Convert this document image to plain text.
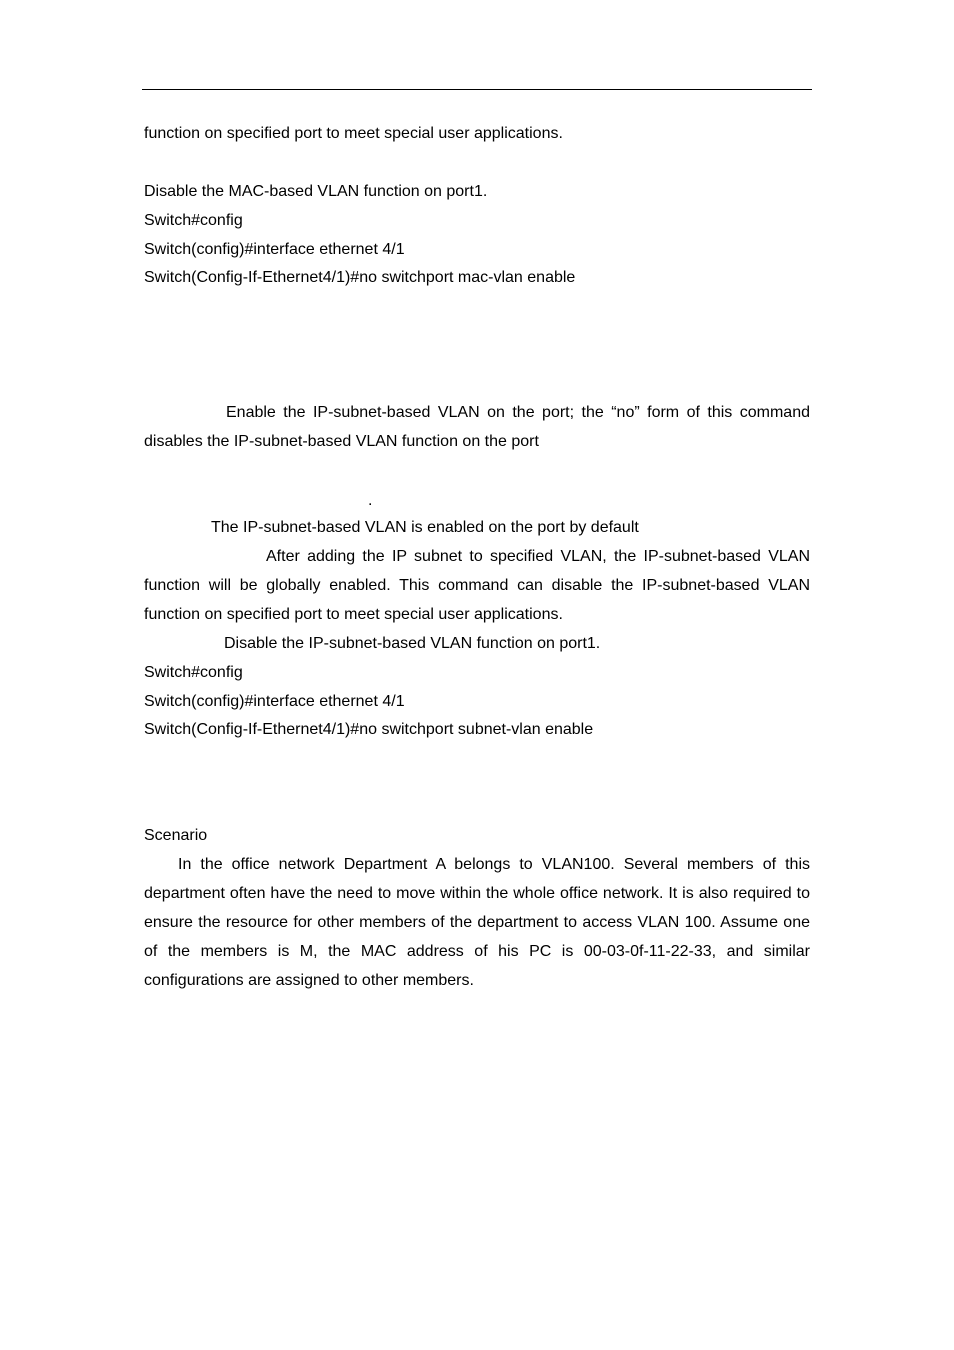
function on specified port to meet special user applications.
Disable the MAC-based VLAN function on port1.
Switch#config
Switch(config)#interface ethernet 4/1
Switch(Config-If-Ethernet4/1)#no switchport mac-vlan enable

Enable the IP-subnet-based VLAN on the port; the “no” form of this command disables the IP-subnet-based VLAN function on the port

.
The IP-subnet-based VLAN is enabled on the port by default

After adding the IP subnet to specified VLAN, the IP-subnet-based VLAN function will be globally enabled. This command can disable the IP-subnet-based VLAN function on specified port to meet special user applications.

Disable the IP-subnet-based VLAN function on port1.
Switch#config
Switch(config)#interface ethernet 4/1
Switch(Config-If-Ethernet4/1)#no switchport subnet-vlan enable
Scenario

In the office network Department A belongs to VLAN100. Several members of this department often have the need to move within the whole office network. It is also required to ensure the resource for other members of the department to access VLAN 100. Assume one of the members is M, the MAC address of his PC is 00-03-0f-11-22-33, and similar configurations are assigned to other members.
